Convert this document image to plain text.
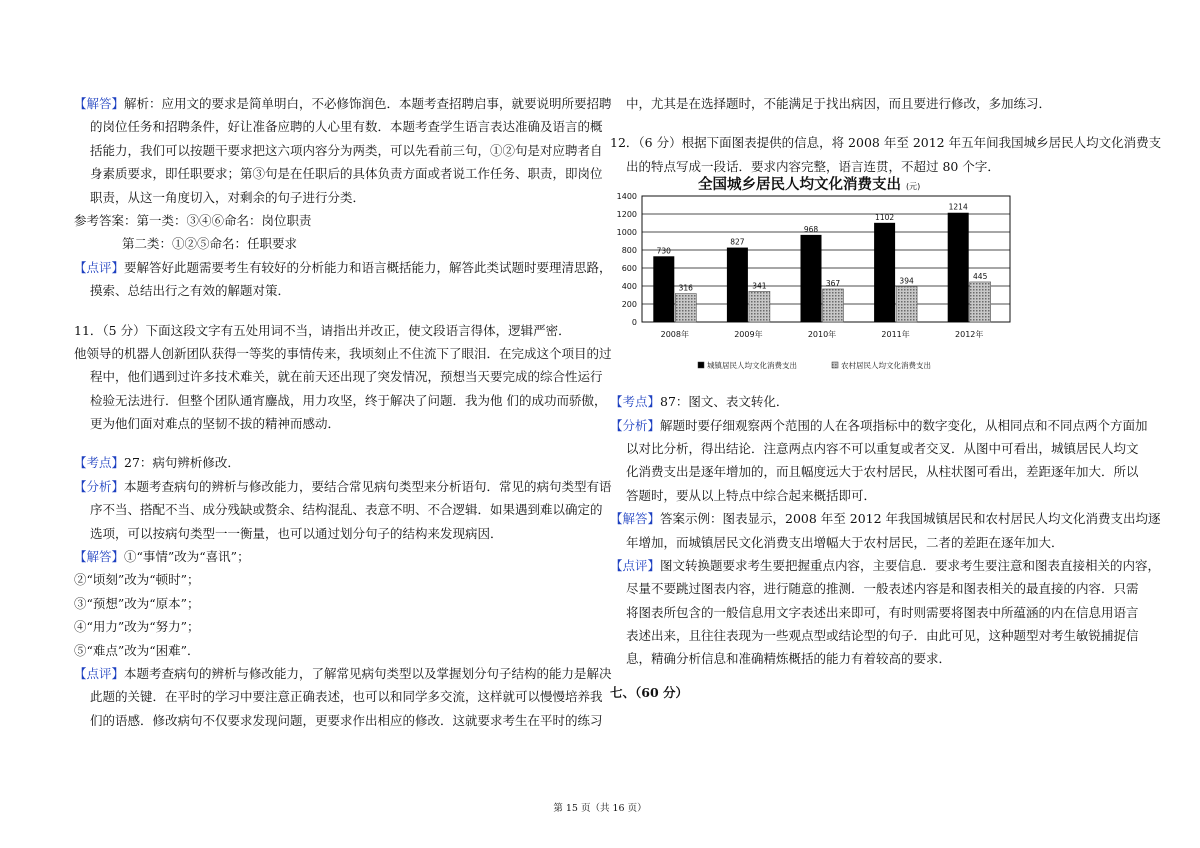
【解答】解析：应用文的要求是简单明白，不必修饰润色．本题考查招聘启事，就要说明所要招聘
的岗位任务和招聘条件，好让准备应聘的人心里有数．本题考查学生语言表达准确及语言的概
括能力，我们可以按题干要求把这六项内容分为两类，可以先看前三句，①②句是对应聘者自
身素质要求，即任职要求；第③句是在任职后的具体负责方面或者说工作任务、职责，即岗位
职责，从这一角度切入，对剩余的句子进行分类．
参考答案：第一类：③④⑥命名：岗位职责
第二类：①②⑤命名：任职要求
【点评】要解答好此题需要考生有较好的分析能力和语言概括能力，解答此类试题时要理清思路，
摸索、总结出行之有效的解题对策．
11．（5 分）下面这段文字有五处用词不当，请指出并改正，使文段语言得体，逻辑严密．
他领导的机器人创新团队获得一等奖的事情传来，我顷刻止不住流下了眼泪．在完成这个项目的过
程中，他们遇到过许多技术难关，就在前天还出现了突发情况，预想当天要完成的综合性运行
检验无法进行．但整个团队通宵鏖战，用力攻坚，终于解决了问题．我为他 们的成功而骄傲，
更为他们面对难点的坚韧不拔的精神而感动．
【考点】27：病句辨析修改．
【分析】本题考查病句的辨析与修改能力，要结合常见病句类型来分析语句．常见的病句类型有语
序不当、搭配不当、成分残缺或赘余、结构混乱、表意不明、不合逻辑．如果遇到难以确定的
选项，可以按病句类型一一衡量，也可以通过划分句子的结构来发现病因．
【解答】①“事情”改为“喜讯”；
②“顷刻”改为“顿时”；
③“预想”改为“原本”；
④“用力”改为“努力”；
⑤“难点”改为“困难”．
【点评】本题考查病句的辨析与修改能力，了解常见病句类型以及掌握划分句子结构的能力是解决
此题的关键．在平时的学习中要注意正确表述，也可以和同学多交流，这样就可以慢慢培养我
们的语感．修改病句不仅要求发现问题，更要求作出相应的修改．这就要求考生在平时的练习
中，尤其是在选择题时，不能满足于找出病因，而且要进行修改，多加练习．
12．（6 分）根据下面图表提供的信息，将 2008 年至 2012 年五年间我国城乡居民人均文化消费支
出的特点写成一段话．要求内容完整，语言连贯，不超过 80 个字．
全国城乡居民人均文化消费支出 (元)
0
200
400
600
800
1000
1200
1400
730
316
827
341
968
367
1102
394
1214
445
2008年	2009年	2010年	2011年	2012年
城镇居民人均文化消费支出	农村居民人均文化消费支出
【考点】87：图文、表文转化．
【分析】解题时要仔细观察两个范围的人在各项指标中的数字变化，从相同点和不同点两个方面加
以对比分析，得出结论．注意两点内容不可以重复或者交叉．从图中可看出，城镇居民人均文
化消费支出是逐年增加的，而且幅度远大于农村居民，从柱状图可看出，差距逐年加大．所以
答题时，要从以上特点中综合起来概括即可．
【解答】答案示例：图表显示，2008 年至 2012 年我国城镇居民和农村居民人均文化消费支出均逐
年增加，而城镇居民文化消费支出增幅大于农村居民，二者的差距在逐年加大．
【点评】图文转换题要求考生要把握重点内容，主要信息．要求考生要注意和图表直接相关的内容，
尽量不要跳过图表内容，进行随意的推测．一般表述内容是和图表相关的最直接的内容．只需
将图表所包含的一般信息用文字表述出来即可，有时则需要将图表中所蕴涵的内在信息用语言
表述出来，且往往表现为一些观点型或结论型的句子．由此可见，这种题型对考生敏锐捕捉信
息，精确分析信息和准确精炼概括的能力有着较高的要求．
七、（60 分）
第 15 页（共 16 页）
